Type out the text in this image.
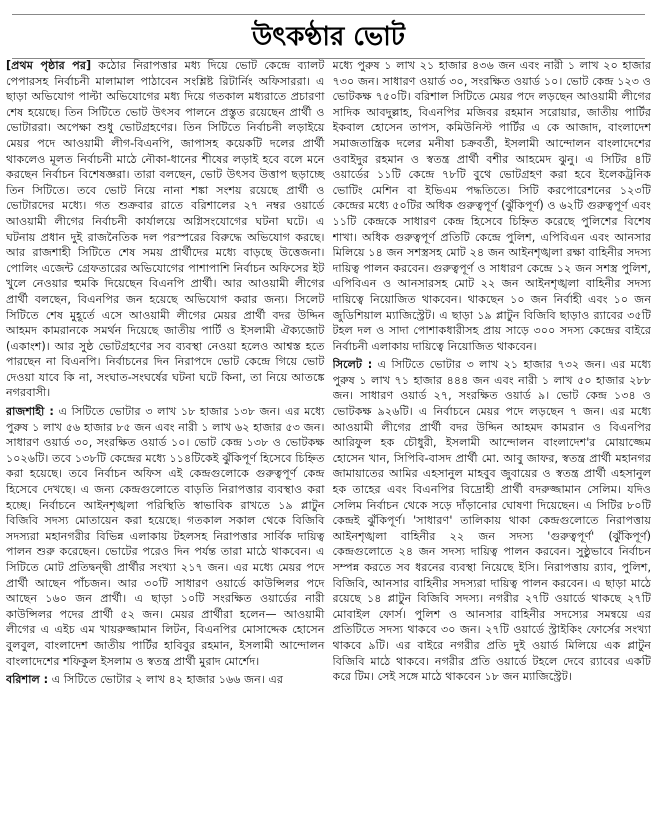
উৎকণ্ঠার ভোট

[প্রথম পৃষ্ঠার পর] কঠোর নিরাপত্তার মধ্য দিয়ে ভোট কেন্দ্রে ব্যালট পেপারসহ নির্বাচনী মালামাল পাঠাবেন সংশ্লিষ্ট রিটার্নিং অফিসাররা। এ ছাড়া অভিযোগ পাল্টা অভিযোগের মধ্য দিয়ে গতকাল মধ্যরাতে প্রচারণা শেষ হয়েছে। তিন সিটিতে ভোট উৎসব পালনে প্রস্তুত রয়েছেন প্রার্থী ও ভোটাররা। অপেক্ষা শুধু ভোটগ্রহণের। তিন সিটিতে নির্বাচনী লড়াইয়ে মেয়র পদে আওয়ামী লীগ-বিএনপি, জাপাসহ কয়েকটি দলের প্রার্থী থাকলেও মূলত নির্বাচনী মাঠে নৌকা-ধানের শীষের লড়াই হবে বলে মনে করছেন নির্বাচন বিশেষজ্ঞরা। তারা বলছেন, ভোট উৎসব উত্তাপ ছড়াচ্ছে তিন সিটিতে। তবে ভোট নিয়ে নানা শঙ্কা সংশয় রয়েছে প্রার্থী ও ভোটারদের মধ্যে। গত শুক্রবার রাতে বরিশালের ২৭ নম্বর ওয়ার্ডে আওয়ামী লীগের নির্বাচনী কার্যালয়ে অগ্নিসংযোগের ঘটনা ঘটে। এ ঘটনায় প্রধান দুই রাজনৈতিক দল পরস্পরের বিরুদ্ধে অভিযোগ করছে। আর রাজশাহী সিটিতে শেষ সময় প্রার্থীদের মধ্যে বাড়ছে উত্তেজনা। পোলিং এজেন্ট গ্রেফতারের অভিযোগের পাশাপাশি নির্বাচন অফিসের ইট খুলে নেওয়ার হুমকি দিয়েছেন বিএনপি প্রার্থী। আর আওয়ামী লীগের প্রার্থী বলছেন, বিএনপির জন হয়েছে অভিযোগ করার জন্য। সিলেট সিটিতে শেষ মুহূর্তে এসে আওয়ামী লীগের মেয়র প্রার্থী বদর উদ্দিন আহমদ কামরানকে সমর্থন দিয়েছে জাতীয় পার্টি ও ইসলামী ঐক্যজোট (একাংশ)। আর সুষ্ঠ ভোটগ্রহণের সব ব্যবস্থা নেওয়া হলেও আশ্বস্ত হতে পারছেন না বিএনপি। নির্বাচনের দিন নিরাপদে ভোট কেন্দ্রে গিয়ে ভোট দেওয়া যাবে কি না, সংঘাত-সংঘর্ষের ঘটনা ঘটে কিনা, তা নিয়ে আতঙ্কে নগরবাসী।

রাজশাহী : এ সিটিতে ভোটার ৩ লাখ ১৮ হাজার ১৩৮ জন। এর মধ্যে পুরুষ ১ লাখ ৫৬ হাজার ৮৫ জন এবং নারী ১ লাখ ৬২ হাজার ৫৩ জন। সাধারণ ওয়ার্ড ৩০, সংরক্ষিত ওয়ার্ড ১০। ভোট কেন্দ্র ১৩৮ ও ভোটকক্ষ ১০২৬টি। তবে ১৩৮টি কেন্দ্রের মধ্যে ১১৪টিকেই ঝুঁকিপূর্ণ হিসেবে চিহ্নিত করা হয়েছে। তবে নির্বাচন অফিস এই কেন্দ্রগুলোকে গুরুত্বপূর্ণ কেন্দ্র হিসেবে দেখছে। এ জন্য কেন্দ্রগুলোতে বাড়তি নিরাপত্তার ব্যবস্থাও করা হচ্ছে। নির্বাচনে আইনশৃঙ্খলা পরিস্থিতি স্বাভাবিক রাখতে ১৯ প্লাটুন বিজিবি সদস্য মোতায়েন করা হয়েছে। গতকাল সকাল থেকে বিজিবি সদস্যরা মহানগরীর বিভিন্ন এলাকায় টহলসহ নিরাপত্তার সার্বিক দায়িত্ব পালন শুরু করেছেন। ভোটের পরেও দিন পর্যন্ত তারা মাঠে থাকবেন। এ সিটিতে মোট প্রতিদ্বন্দ্বী প্রার্থীর সংখ্যা ২১৭ জন। এর মধ্যে মেয়র পদে প্রার্থী আছেন পাঁচজন। আর ৩০টি সাধারণ ওয়ার্ডে কাউন্সিলর পদে আছেন ১৬০ জন প্রার্থী। এ ছাড়া ১০টি সংরক্ষিত ওয়ার্ডের নারী কাউন্সিলর পদের প্রার্থী ৫২ জন। মেয়র প্রার্থীরা হলেন— আওয়ামী লীগের এ এইচ এম খায়রুজ্জামান লিটন, বিএনপির মোসাদ্দেক হোসেন বুলবুল, বাংলাদেশ জাতীয় পার্টির হাবিবুর রহমান, ইসলামী আন্দোলন বাংলাদেশের শফিকুল ইসলাম ও স্বতন্ত্র প্রার্থী মুরাদ মোর্শেদ।

বরিশাল : এ সিটিতে ভোটার ২ লাখ ৪২ হাজার ১৬৬ জন। এর

মধ্যে পুরুষ ১ লাখ ২১ হাজার ৪৩৬ জন এবং নারী ১ লাখ ২০ হাজার ৭৩০ জন। সাধারণ ওয়ার্ড ৩০, সংরক্ষিত ওয়ার্ড ১০। ভোট কেন্দ্র ১২৩ ও ভোটকক্ষ ৭৫০টি। বরিশাল সিটিতে মেয়র পদে লড়ছেন আওয়ামী লীগের সাদিক আবদুল্লাহ, বিএনপির মজিবর রহমান সরোয়ার, জাতীয় পার্টির ইকবাল হোসেন তাপস, কমিউনিস্ট পার্টির এ কে আজাদ, বাংলাদেশ সমাজতান্ত্রিক দলের মনীষা চক্রবর্তী, ইসলামী আন্দোলন বাংলাদেশের ওবাইদুর রহমান ও স্বতন্ত্র প্রার্থী বশীর আহমেদ ঝুনু। এ সিটির ৪টি ওয়ার্ডের ১১টি কেন্দ্রে ৭৮টি বুথে ভোটগ্রহণ করা হবে ইলেকট্রনিক ভোটিং মেশিন বা ইভিএম পদ্ধতিতে। সিটি করপোরেশনের ১২৩টি কেন্দ্রের মধ্যে ৫০টির অধিক গুরুত্বপূর্ণ (ঝুঁকিপূর্ণ) ও ৬২টি গুরুত্বপূর্ণ এবং ১১টি কেন্দ্রকে সাধারণ কেন্দ্র হিসেবে চিহ্নিত করেছে পুলিশের বিশেষ শাখা। অধিক গুরুত্বপূর্ণ প্রতিটি কেন্দ্রে পুলিশ, এপিবিএন এবং আনসার মিলিয়ে ১৪ জন সশস্ত্রসহ মোট ২৪ জন আইনশৃঙ্খলা রক্ষা বাহিনীর সদস্য দায়িত্ব পালন করবেন। গুরুত্বপূর্ণ ও সাধারণ কেন্দ্রে ১২ জন সশস্ত্র পুলিশ, এপিবিএন ও আনসারসহ মোট ২২ জন আইনশৃঙ্খলা বাহিনীর সদস্য দায়িত্বে নিয়োজিত থাকবেন। থাকছেন ১০ জন নির্বাহী এবং ১০ জন জুডিশিয়াল ম্যাজিস্ট্রেট। এ ছাড়া ১৯ প্লাটুন বিজিবি ছাড়াও র‍্যাবের ৩৫টি টহল দল ও সাদা পোশাকধারীসহ প্রায় সাড়ে ৩০০ সদস্য কেন্দ্রের বাইরে নির্বাচনী এলাকায় দায়িত্বে নিয়োজিত থাকবেন।

সিলেট : এ সিটিতে ভোটার ৩ লাখ ২১ হাজার ৭৩২ জন। এর মধ্যে পুরুষ ১ লাখ ৭১ হাজার ৪৪৪ জন এবং নারী ১ লাখ ৫০ হাজার ২৮৮ জন। সাধারণ ওয়ার্ড ২৭, সংরক্ষিত ওয়ার্ড ৯। ভোট কেন্দ্র ১৩৪ ও ভোটকক্ষ ৯২৬টি। এ নির্বাচনে মেয়র পদে লড়ছেন ৭ জন। এর মধ্যে আওয়ামী লীগের প্রার্থী বদর উদ্দিন আহমদ কামরান ও বিএনপির আরিফুল হক চৌধুরী, ইসলামী আন্দোলন বাংলাদেশ'র মোয়াজ্জেম হোসেন খান, সিপিবি-বাসদ প্রার্থী মো. আবু জাফর, স্বতন্ত্র প্রার্থী মহানগর জামায়াতের আমির এহসানুল মাহবুব জুবায়ের ও স্বতন্ত্র প্রার্থী এহসানুল হক তাহের এবং বিএনপির বিদ্রোহী প্রার্থী বদরুজ্জামান সেলিম। যদিও সেলিম নির্বাচন থেকে সড়ে দাঁড়ানোর ঘোষণা দিয়েছেন। এ সিটির ৮০টি কেন্দ্রই ঝুঁকিপূর্ণ। 'সাধারণ' তালিকায় থাকা কেন্দ্রগুলোতে নিরাপত্তায় আইনশৃঙ্খলা বাহিনীর ২২ জন সদস্য 'গুরুত্বপূর্ণ' (ঝুঁকিপূর্ণ) কেন্দ্রগুলোতে ২৪ জন সদস্য দায়িত্ব পালন করবেন। সুষ্ঠুভাবে নির্বাচন সম্পন্ন করতে সব ধরনের ব্যবস্থা নিয়েছে ইসি। নিরাপত্তায় র‍্যাব, পুলিশ, বিজিবি, আনসার বাহিনীর সদস্যরা দায়িত্ব পালন করবেন। এ ছাড়া মাঠে রয়েছে ১৪ প্লাটুন বিজিবি সদস্য। নগরীর ২৭টি ওয়ার্ডে থাকছে ২৭টি মোবাইল ফোর্স। পুলিশ ও আনসার বাহিনীর সদস্যের সমন্বয়ে এর প্রতিটিতে সদস্য থাকবে ৩০ জন। ২৭টি ওয়ার্ডে স্ট্রাইকিং ফোর্সের সংখ্যা থাকবে ৯টি। এর বাইরে নগরীর প্রতি দুই ওয়ার্ড মিলিয়ে এক প্লাটুন বিজিবি মাঠে থাকবে। নগরীর প্রতি ওয়ার্ডে টহলে দেবে র‍্যাবের একটি করে টিম। সেই সঙ্গে মাঠে থাকবেন ১৮ জন ম্যাজিস্ট্রেট।
